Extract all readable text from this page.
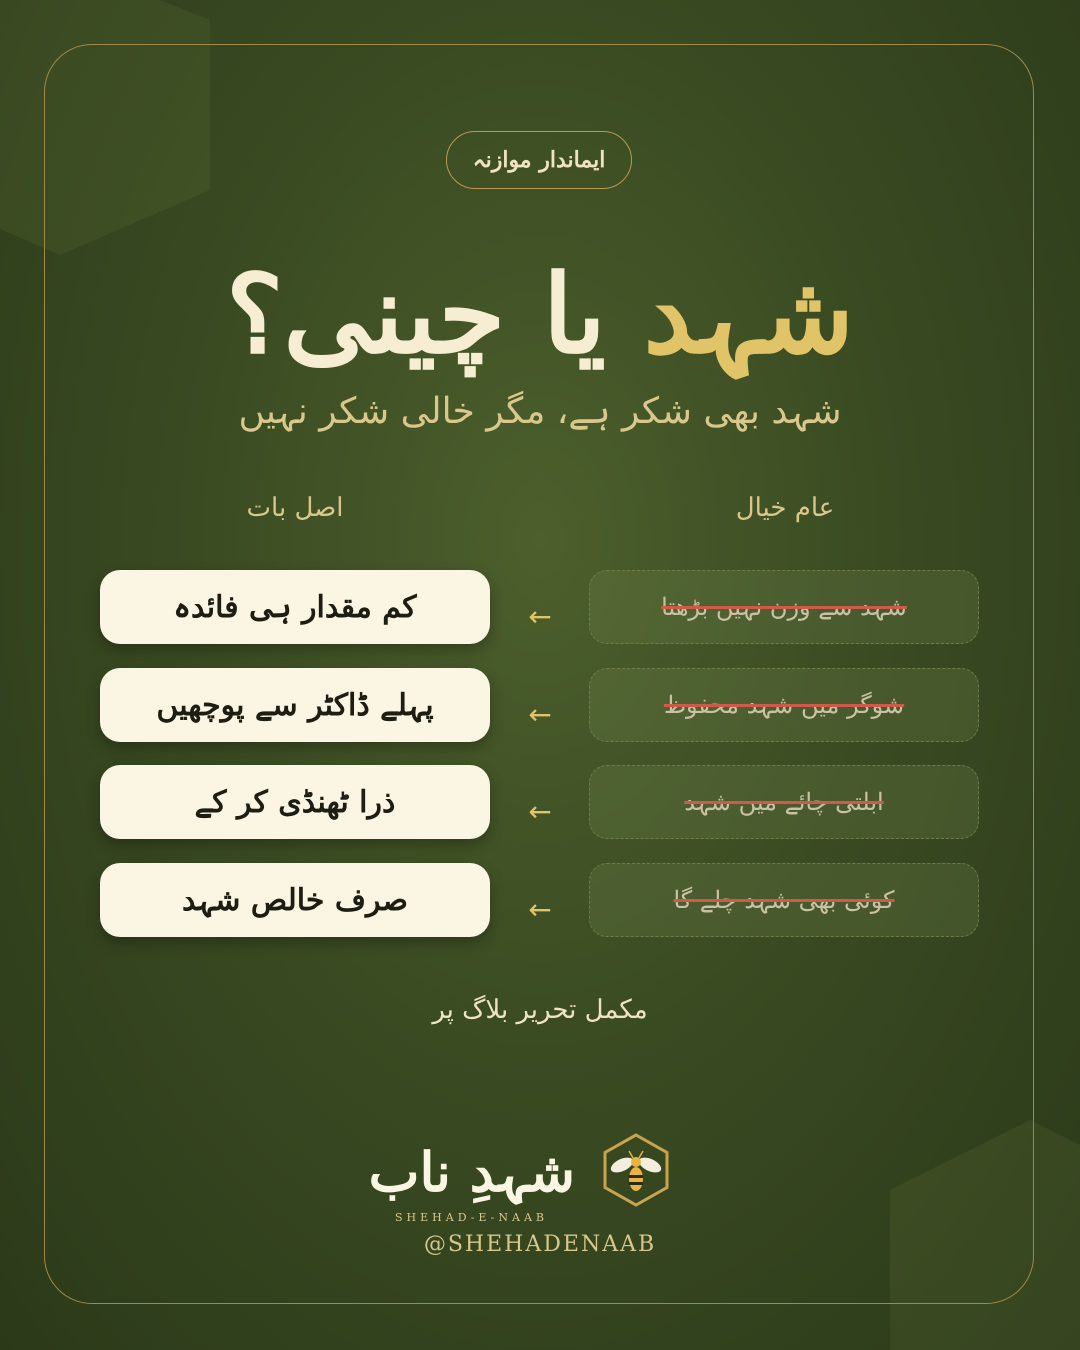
ایماندار موازنہ
شہد یا چینی؟
شہد بھی شکر ہے، مگر خالی شکر نہیں
عام خیال
اصل بات
شہد سے وزن نہیں بڑھتا
←
کم مقدار ہی فائدہ
شوگر میں شہد محفوظ
←
پہلے ڈاکٹر سے پوچھیں
ابلتی چائے میں شہد
←
ذرا ٹھنڈی کر کے
کوئی بھی شہد چلے گا
←
صرف خالص شہد
مکمل تحریر بلاگ پر
شہدِ ناب
SHEHAD-E-NAAB
@SHEHADENAAB
